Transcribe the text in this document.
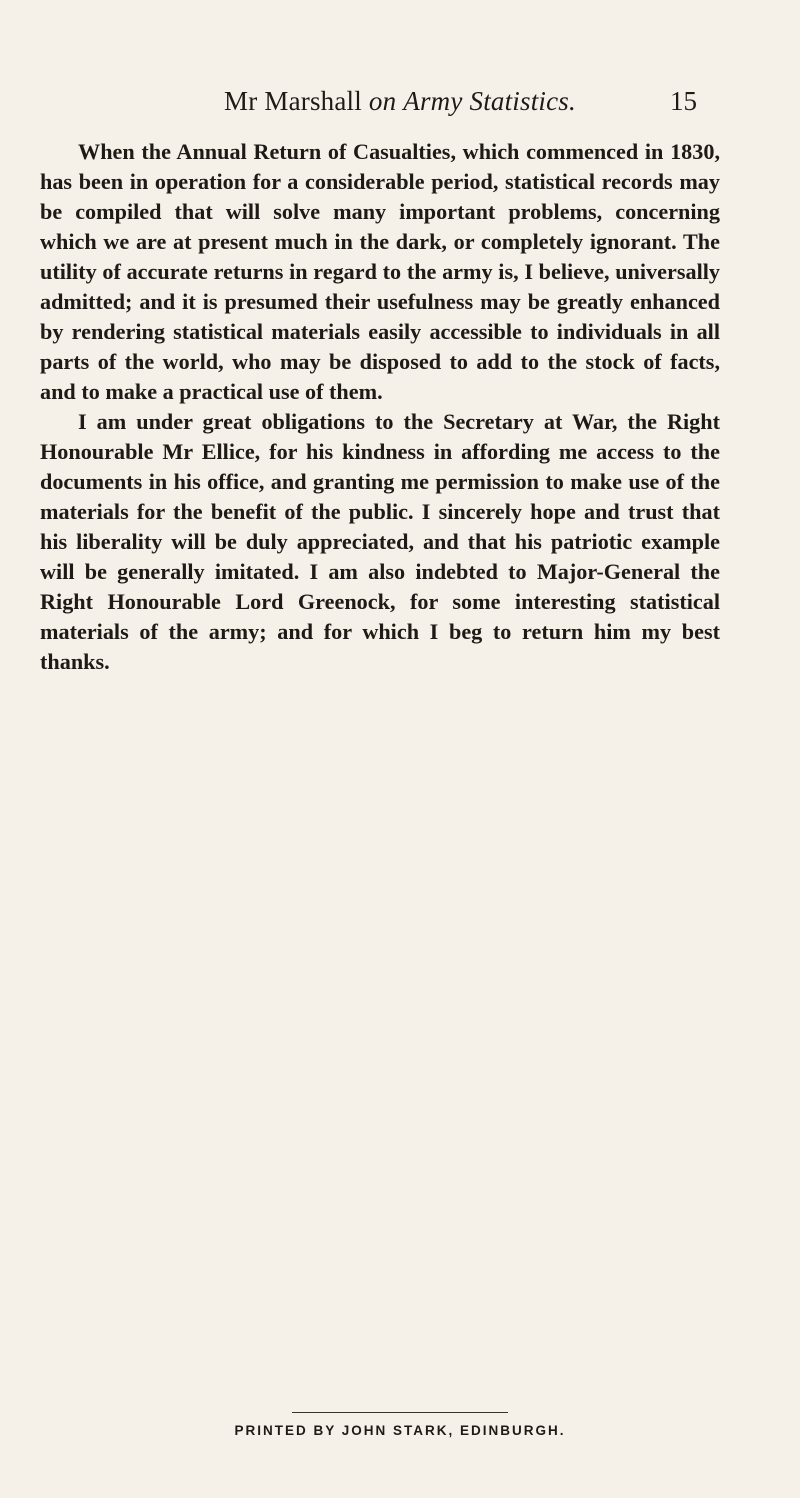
Mr Marshall on Army Statistics.	15

When the Annual Return of Casualties, which commenced in 1830, has been in operation for a considerable period, statistical records may be compiled that will solve many important problems, concerning which we are at present much in the dark, or completely ignorant. The utility of accurate returns in regard to the army is, I believe, universally admitted; and it is presumed their usefulness may be greatly enhanced by rendering statistical materials easily accessible to individuals in all parts of the world, who may be disposed to add to the stock of facts, and to make a practical use of them.

I am under great obligations to the Secretary at War, the Right Honourable Mr Ellice, for his kindness in affording me access to the documents in his office, and granting me permission to make use of the materials for the benefit of the public. I sincerely hope and trust that his liberality will be duly appreciated, and that his patriotic example will be generally imitated. I am also indebted to Major-General the Right Honourable Lord Greenock, for some interesting statistical materials of the army; and for which I beg to return him my best thanks.

PRINTED BY JOHN STARK, EDINBURGH.
